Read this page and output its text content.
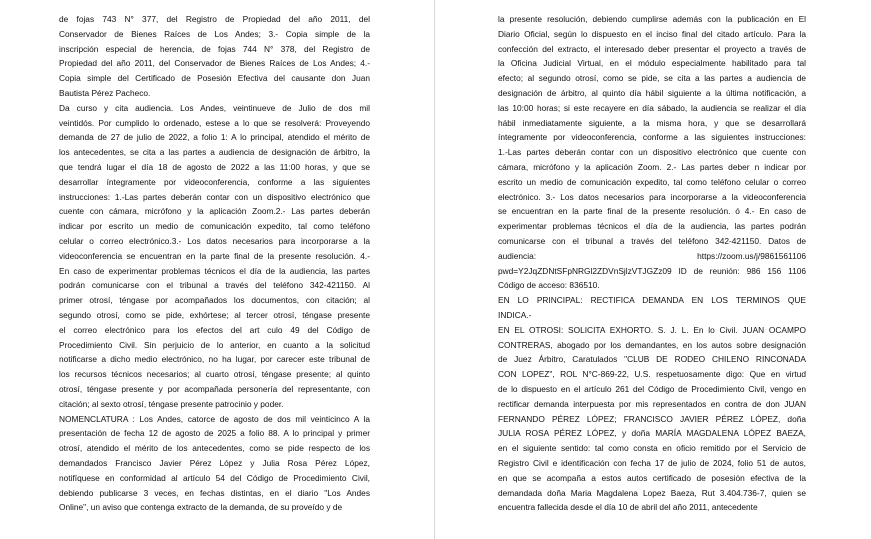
de fojas 743 N° 377, del Registro de Propiedad del año 2011, del
Conservador de Bienes Raíces de Los Andes; 3.- Copia simple de la
inscripción especial de herencia, de fojas 744 N° 378, del Registro de
Propiedad del año 2011, del Conservador de Bienes Raíces de Los Andes; 4.-
Copia simple del Certificado de Posesión Efectiva del causante don Juan
Bautista Pérez Pacheco.
Da curso y cita audiencia. Los Andes, veintinueve de Julio de dos mil
veintidós. Por cumplido lo ordenado, estese a lo que se resolverá: Proveyendo
demanda de 27 de julio de 2022, a folio 1: A lo principal, atendido el mérito de
los antecedentes, se cita a las partes a audiencia de designación de árbitro, la
que tendrá lugar el día 18 de agosto de 2022 a las 11:00 horas, y que se
desarrollar íntegramente por videoconferencia, conforme a las siguientes
instrucciones: 1.-Las partes deberán contar con un dispositivo electrónico que
cuente con cámara, micrófono y la aplicación Zoom.2.- Las partes deberán
indicar por escrito un medio de comunicación expedito, tal como teléfono
celular o correo electrónico.3.- Los datos necesarios para incorporarse a la
videoconferencia se encuentran en la parte final de la presente resolución. 4.-
En caso de experimentar problemas técnicos el día de la audiencia, las partes
podrán comunicarse con el tribunal a través del teléfono 342-421150. Al
primer otrosí, téngase por acompañados los documentos, con citación; al
segundo otrosí, como se pide, exhórtese; al tercer otrosí, téngase presente
el correo electrónico para los efectos del art culo 49 del Código de
Procedimiento Civil. Sin perjuicio de lo anterior, en cuanto a la solicitud
notificarse a dicho medio electrónico, no ha lugar, por carecer este tribunal de
los recursos técnicos necesarios; al cuarto otrosí, téngase presente; al quinto
otrosí, téngase presente y por acompañada personería del representante, con
citación; al sexto otrosí, téngase presente patrocinio y poder.
NOMENCLATURA : Los Andes, catorce de agosto de dos mil veinticinco A la
presentación de fecha 12 de agosto de 2025 a folio 88. A lo principal y primer
otrosí, atendido el mérito de los antecedentes, como se pide respecto de los
demandados Francisco Javier Pérez López y Julia Rosa Pérez López,
notifíquese en conformidad al artículo 54 del Código de Procedimiento Civil,
debiendo publicarse 3 veces, en fechas distintas, en el diario "Los Andes
Online", un aviso que contenga extracto de la demanda, de su proveído y de
la presente resolución, debiendo cumplirse además con la publicación en El
Diario Oficial, según lo dispuesto en el inciso final del citado artículo. Para la
confección del extracto, el interesado deber presentar el proyecto a través de
la Oficina Judicial Virtual, en el módulo especialmente habilitado para tal
efecto; al segundo otrosí, como se pide, se cita a las partes a audiencia de
designación de árbitro, al quinto día hábil siguiente a la última notificación, a
las 10:00 horas; si este recayere en día sábado, la audiencia se realizar el día
hábil inmediatamente siguiente, a la misma hora, y que se desarrollará
íntegramente por videoconferencia, conforme a las siguientes instrucciones:
1.-Las partes deberán contar con un dispositivo electrónico que cuente con
cámara, micrófono y la aplicación Zoom. 2.- Las partes deber n indicar por
escrito un medio de comunicación expedito, tal como teléfono celular o correo
electrónico. 3.- Los datos necesarios para incorporarse a la videoconferencia
se encuentran en la parte final de la presente resolución. ó 4.- En caso de
experimentar problemas técnicos el día de la audiencia, las partes podrán
comunicarse con el tribunal a través del teléfono 342-421150. Datos de
audiencia: https://zoom.us/j/9861561106
pwd=Y2JqZDNtSFpNRGl2ZDVnSjlzVTJGZz09 ID de reunión: 986 156 1106
Código de acceso: 836510.
EN LO PRINCIPAL: RECTIFICA DEMANDA EN LOS TERMINOS QUE
INDICA.-
EN EL OTROSI: SOLICITA EXHORTO. S. J. L. En lo Civil. JUAN OCAMPO
CONTRERAS, abogado por los demandantes, en los autos sobre designación
de Juez Árbitro, Caratulados "CLUB DE RODEO CHILENO RINCONADA
CON LOPEZ", ROL N°C-869-22, U.S. respetuosamente digo: Que en virtud
de lo dispuesto en el artículo 261 del Código de Procedimiento Civil, vengo en
rectificar demanda interpuesta por mis representados en contra de don JUAN
FERNANDO PÉREZ LÓPEZ; FRANCISCO JAVIER PÉREZ LÓPEZ, doña
JULIA ROSA PÉREZ LÓPEZ, y doña MARÍA MAGDALENA LÓPEZ BAEZA,
en el siguiente sentido: tal como consta en oficio remitido por el Servicio de
Registro Civil e identificación con fecha 17 de julio de 2024, folio 51 de autos,
en que se acompaña a estos autos certificado de posesión efectiva de la
demandada doña Maria Magdalena Lopez Baeza, Rut 3.404.736-7, quien se
encuentra fallecida desde el día 10 de abril del año 2011, antecedente
